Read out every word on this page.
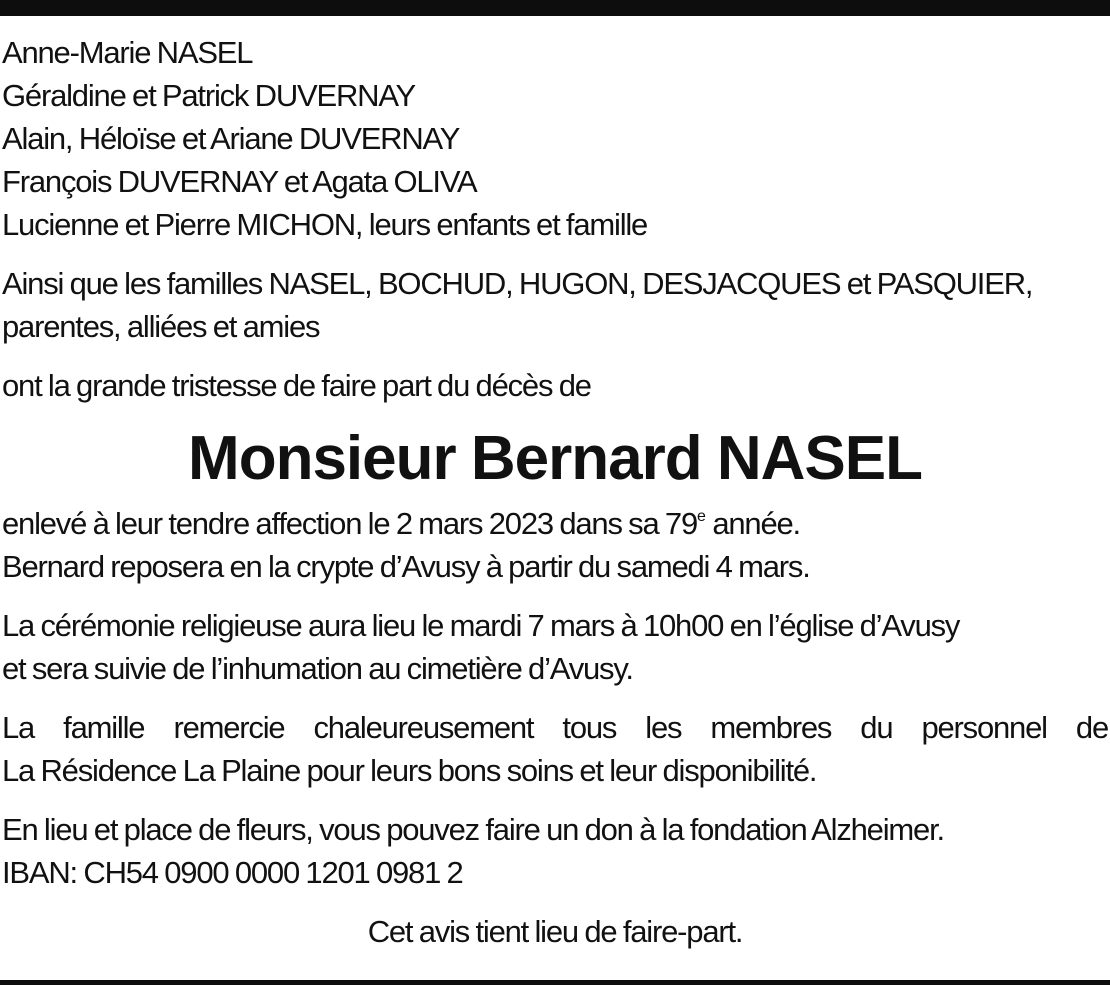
Anne-Marie NASEL
Géraldine et Patrick DUVERNAY
Alain, Héloïse et Ariane DUVERNAY
François DUVERNAY et Agata OLIVA
Lucienne et Pierre MICHON, leurs enfants et famille
Ainsi que les familles NASEL, BOCHUD, HUGON, DESJACQUES et PASQUIER,
parentes, alliées et amies
ont la grande tristesse de faire part du décès de
Monsieur Bernard NASEL
enlevé à leur tendre affection le 2 mars 2023 dans sa 79e année.
Bernard reposera en la crypte d’Avusy à partir du samedi 4 mars.
La cérémonie religieuse aura lieu le mardi 7 mars à 10h00 en l’église d’Avusy
et sera suivie de l’inhumation au cimetière d’Avusy.
La famille remercie chaleureusement tous les membres du personnel de
La Résidence La Plaine pour leurs bons soins et leur disponibilité.
En lieu et place de fleurs, vous pouvez faire un don à la fondation Alzheimer.
IBAN: CH54 0900 0000 1201 0981 2
Cet avis tient lieu de faire-part.
